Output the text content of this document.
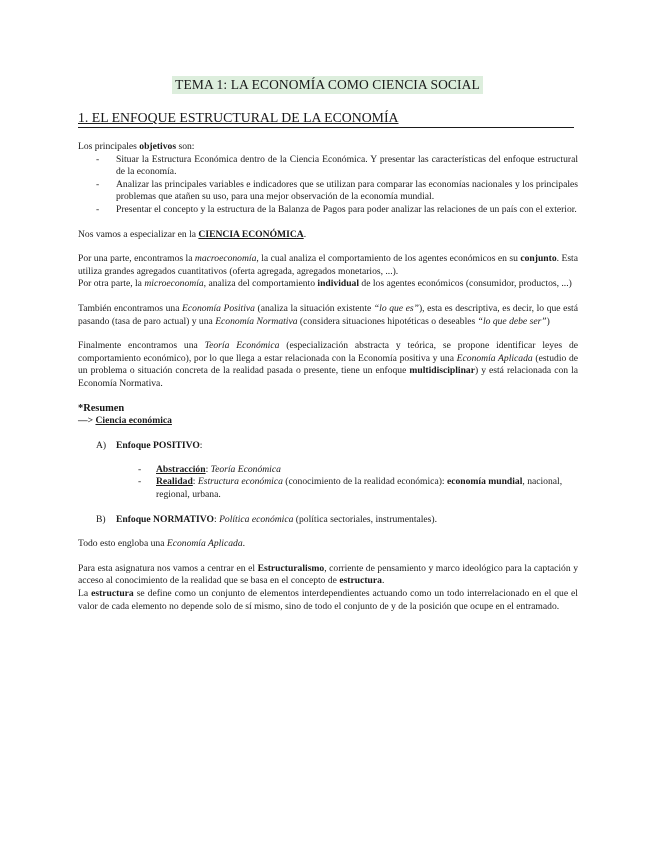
TEMA 1: LA ECONOMÍA COMO CIENCIA SOCIAL
1. EL ENFOQUE ESTRUCTURAL DE LA ECONOMÍA

Los principales objetivos son:

- Situar la Estructura Económica dentro de la Ciencia Económica. Y presentar las características del enfoque estructural de la economía.
- Analizar las principales variables e indicadores que se utilizan para comparar las economías nacionales y los principales problemas que atañen su uso, para una mejor observación de la economía mundial.
- Presentar el concepto y la estructura de la Balanza de Pagos para poder analizar las relaciones de un país con el exterior.

Nos vamos a especializar en la CIENCIA ECONÓMICA.

Por una parte, encontramos la macroeconomía, la cual analiza el comportamiento de los agentes económicos en su conjunto. Esta utiliza grandes agregados cuantitativos (oferta agregada, agregados monetarios, ...).

Por otra parte, la microeconomía, analiza del comportamiento individual de los agentes económicos (consumidor, productos, ...)

También encontramos una Economía Positiva (analiza la situación existente “lo que es”), esta es descriptiva, es decir, lo que está pasando (tasa de paro actual) y una Economía Normativa (considera situaciones hipotéticas o deseables “lo que debe ser”)

Finalmente encontramos una Teoría Económica (especialización abstracta y teórica, se propone identificar leyes de comportamiento económico), por lo que llega a estar relacionada con la Economía positiva y una Economía Aplicada (estudio de un problema o situación concreta de la realidad pasada o presente, tiene un enfoque multidisciplinar) y está relacionada con la Economía Normativa.

*Resumen

—> Ciencia económica

A)	Enfoque POSITIVO:
- Abstracción: Teoría Económica
- Realidad: Estructura económica (conocimiento de la realidad económica): economía mundial, nacional, regional, urbana.
B)	Enfoque NORMATIVO: Política económica (política sectoriales, instrumentales).

Todo esto engloba una Economía Aplicada.

Para esta asignatura nos vamos a centrar en el Estructuralismo, corriente de pensamiento y marco ideológico para la captación y acceso al conocimiento de la realidad que se basa en el concepto de estructura.

La estructura se define como un conjunto de elementos interdependientes actuando como un todo interrelacionado en el que el valor de cada elemento no depende solo de sí mismo, sino de todo el conjunto de y de la posición que ocupe en el entramado.
